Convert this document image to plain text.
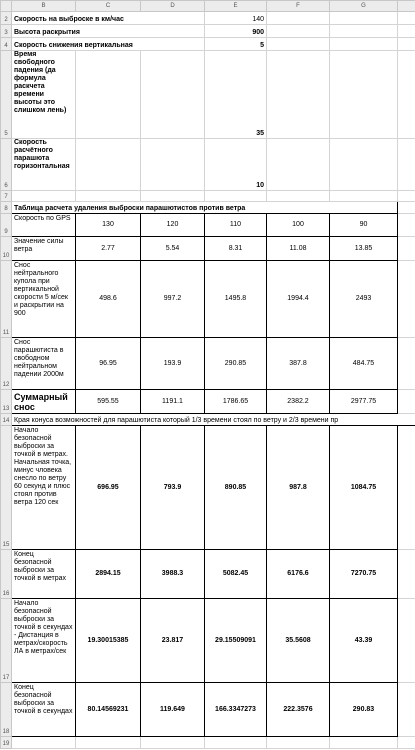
	B	C	D	E	F	G	
2	Скорость на выброске в км/час			140			
3	Высота раскрытия			900			
4	Скорость снижения вертикальная			5			
5	Время свободного падения (да формула раскчета времени высоты это слишком лень)			35			
6	Скорость расчётного парашюта горизонтальная			10			
7							
8	Таблица расчета удаления выброски парашютистов против ветра						
9	Скорость по GPS	130	120	110	100	90	
10	Значение силы ветра	2.77	5.54	8.31	11.08	13.85	
11	Снос нейтрального купола при вертикальной скорости 5 м/сек и раскрытии на 900	498.6	997.2	1495.8	1994.4	2493	
12	Снос парашютиста в свободном нейтральном падении 2000м	96.95	193.9	290.85	387.8	484.75	
13	Суммарный снос	595.55	1191.1	1786.65	2382.2	2977.75	
14	Края конуса возможностей для парашютиста который 1/3 времени стоял по ветру и 2/3 времени пр						
15	Начало безопасной выброски за точкой в метрах. Начальная точка, минус чловека снесло по ветру 60 секунд и плюс стоял против ветра 120 сек	696.95	793.9	890.85	987.8	1084.75	
16	Конец безопасной выброски за точкой в метрах	2894.15	3988.3	5082.45	6176.6	7270.75	
17	Начало безопасной выброски за точкой в секундах - Дистанция в метрах/скорость ЛА в метрах/сек	19.30015385	23.817	29.15509091	35.5608	43.39	
18	Конец безопасной выброски за точкой в секундах	80.14569231	119.649	166.3347273	222.3576	290.83	
19							
